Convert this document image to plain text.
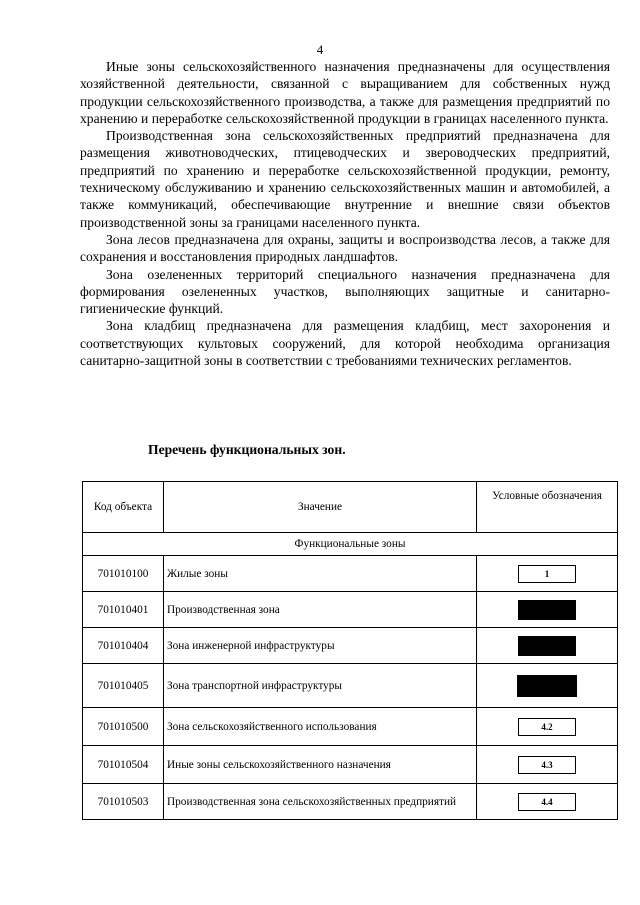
4

Иные зоны сельскохозяйственного назначения предназначены для осуществления хозяйственной деятельности, связанной с выращиванием для собственных нужд продукции сельскохозяйственного производства, а также для размещения предприятий по хранению и переработке сельскохозяйственной продукции в границах населенного пункта.

Производственная зона сельскохозяйственных предприятий предназначена для размещения животноводческих, птицеводческих и звероводческих предприятий, предприятий по хранению и переработке сельскохозяйственной продукции, ремонту, техническому обслуживанию и хранению сельскохозяйственных машин и автомобилей, а также коммуникаций, обеспечивающие внутренние и внешние связи объектов производственной зоны за границами населенного пункта.

Зона лесов предназначена для охраны, защиты и воспроизводства лесов, а также для сохранения и восстановления природных ландшафтов.

Зона озелененных территорий специального назначения предназначена для формирования озелененных участков, выполняющих защитные и санитарно-гигиенические функций.

Зона кладбищ предназначена для размещения кладбищ, мест захоронения и соответствующих культовых сооружений, для которой необходима организация санитарно-защитной зоны в соответствии с требованиями технических регламентов.

Перечень функциональных зон.
Код объекта	Значение	Условные обозначения
Функциональные зоны		
701010100	Жилые зоны	1
701010401	Производственная зона	
701010404	Зона инженерной инфраструктуры	
701010405	Зона транспортной инфраструктуры	
701010500	Зона сельскохозяйственного использования	4.2
701010504	Иные зоны сельскохозяйственного назначения	4.3
701010503	Производственная зона сельскохозяйственных предприятий	4.4
